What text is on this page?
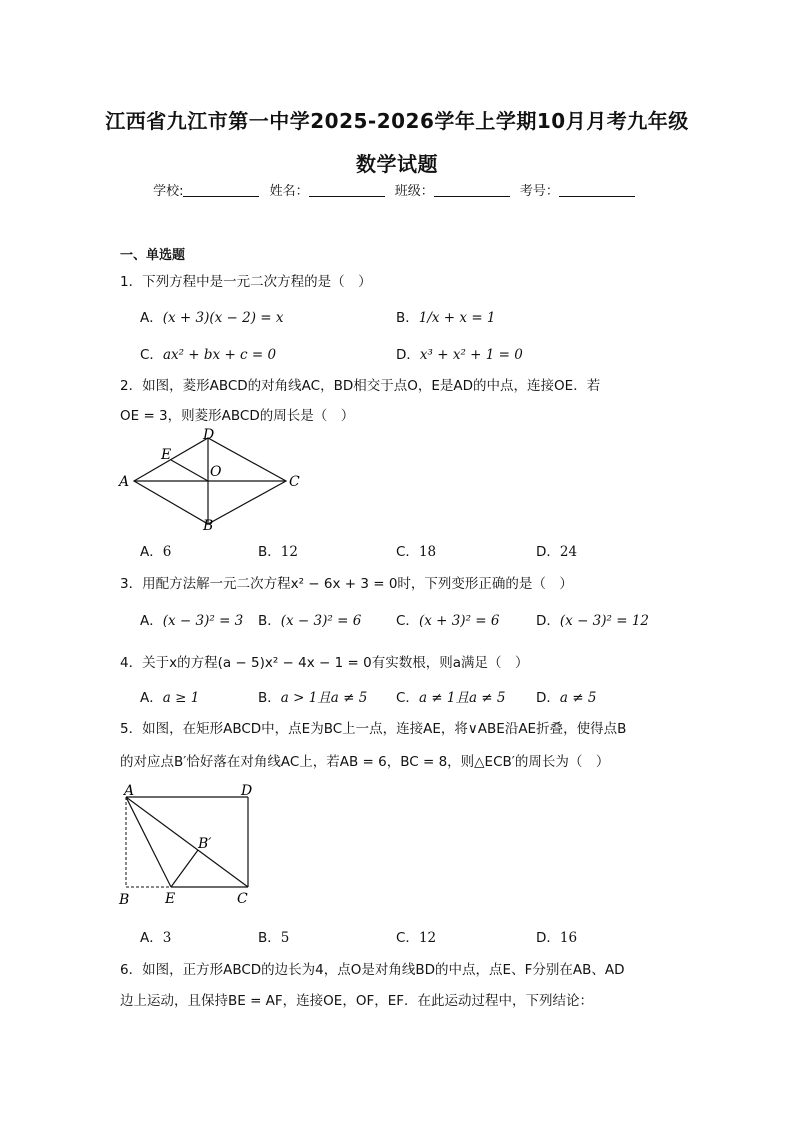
江西省九江市第一中学2025-2026学年上学期10月月考九年级
数学试题
学校:	姓名：	班级：	考号：
一、单选题
1．下列方程中是一元二次方程的是（　）
A．(x + 3)(x − 2) = x	B．1/x + x = 1
C．ax² + bx + c = 0	D．x³ + x² + 1 = 0
2．如图，菱形ABCD的对角线AC，BD相交于点O，E是AD的中点，连接OE．若
OE = 3，则菱形ABCD的周长是（　）
A
B
C
D
E
O
A．6	B．12	C．18	D．24
3．用配方法解一元二次方程x² − 6x + 3 = 0时，下列变形正确的是（　）
A．(x − 3)² = 3 B．(x − 3)² = 6	C．(x + 3)² = 6	D．(x − 3)² = 12
4．关于x的方程(a − 5)x² − 4x − 1 = 0有实数根，则a满足（　）
A．a ≥ 1	B．a > 1且a ≠ 5 C．a ≠ 1且a ≠ 5 D．a ≠ 5
5．如图，在矩形ABCD中，点E为BC上一点，连接AE，将∨ABE沿AE折叠，使得点B
的对应点B′恰好落在对角线AC上，若AB = 6，BC = 8，则△ECB′的周长为（　）
A	D
B	E	C
B′
A．3	B．5	C．12	D．16
6．如图，正方形ABCD的边长为4，点O是对角线BD的中点，点E、F分别在AB、AD
边上运动，且保持BE = AF，连接OE，OF，EF．在此运动过程中，下列结论：
